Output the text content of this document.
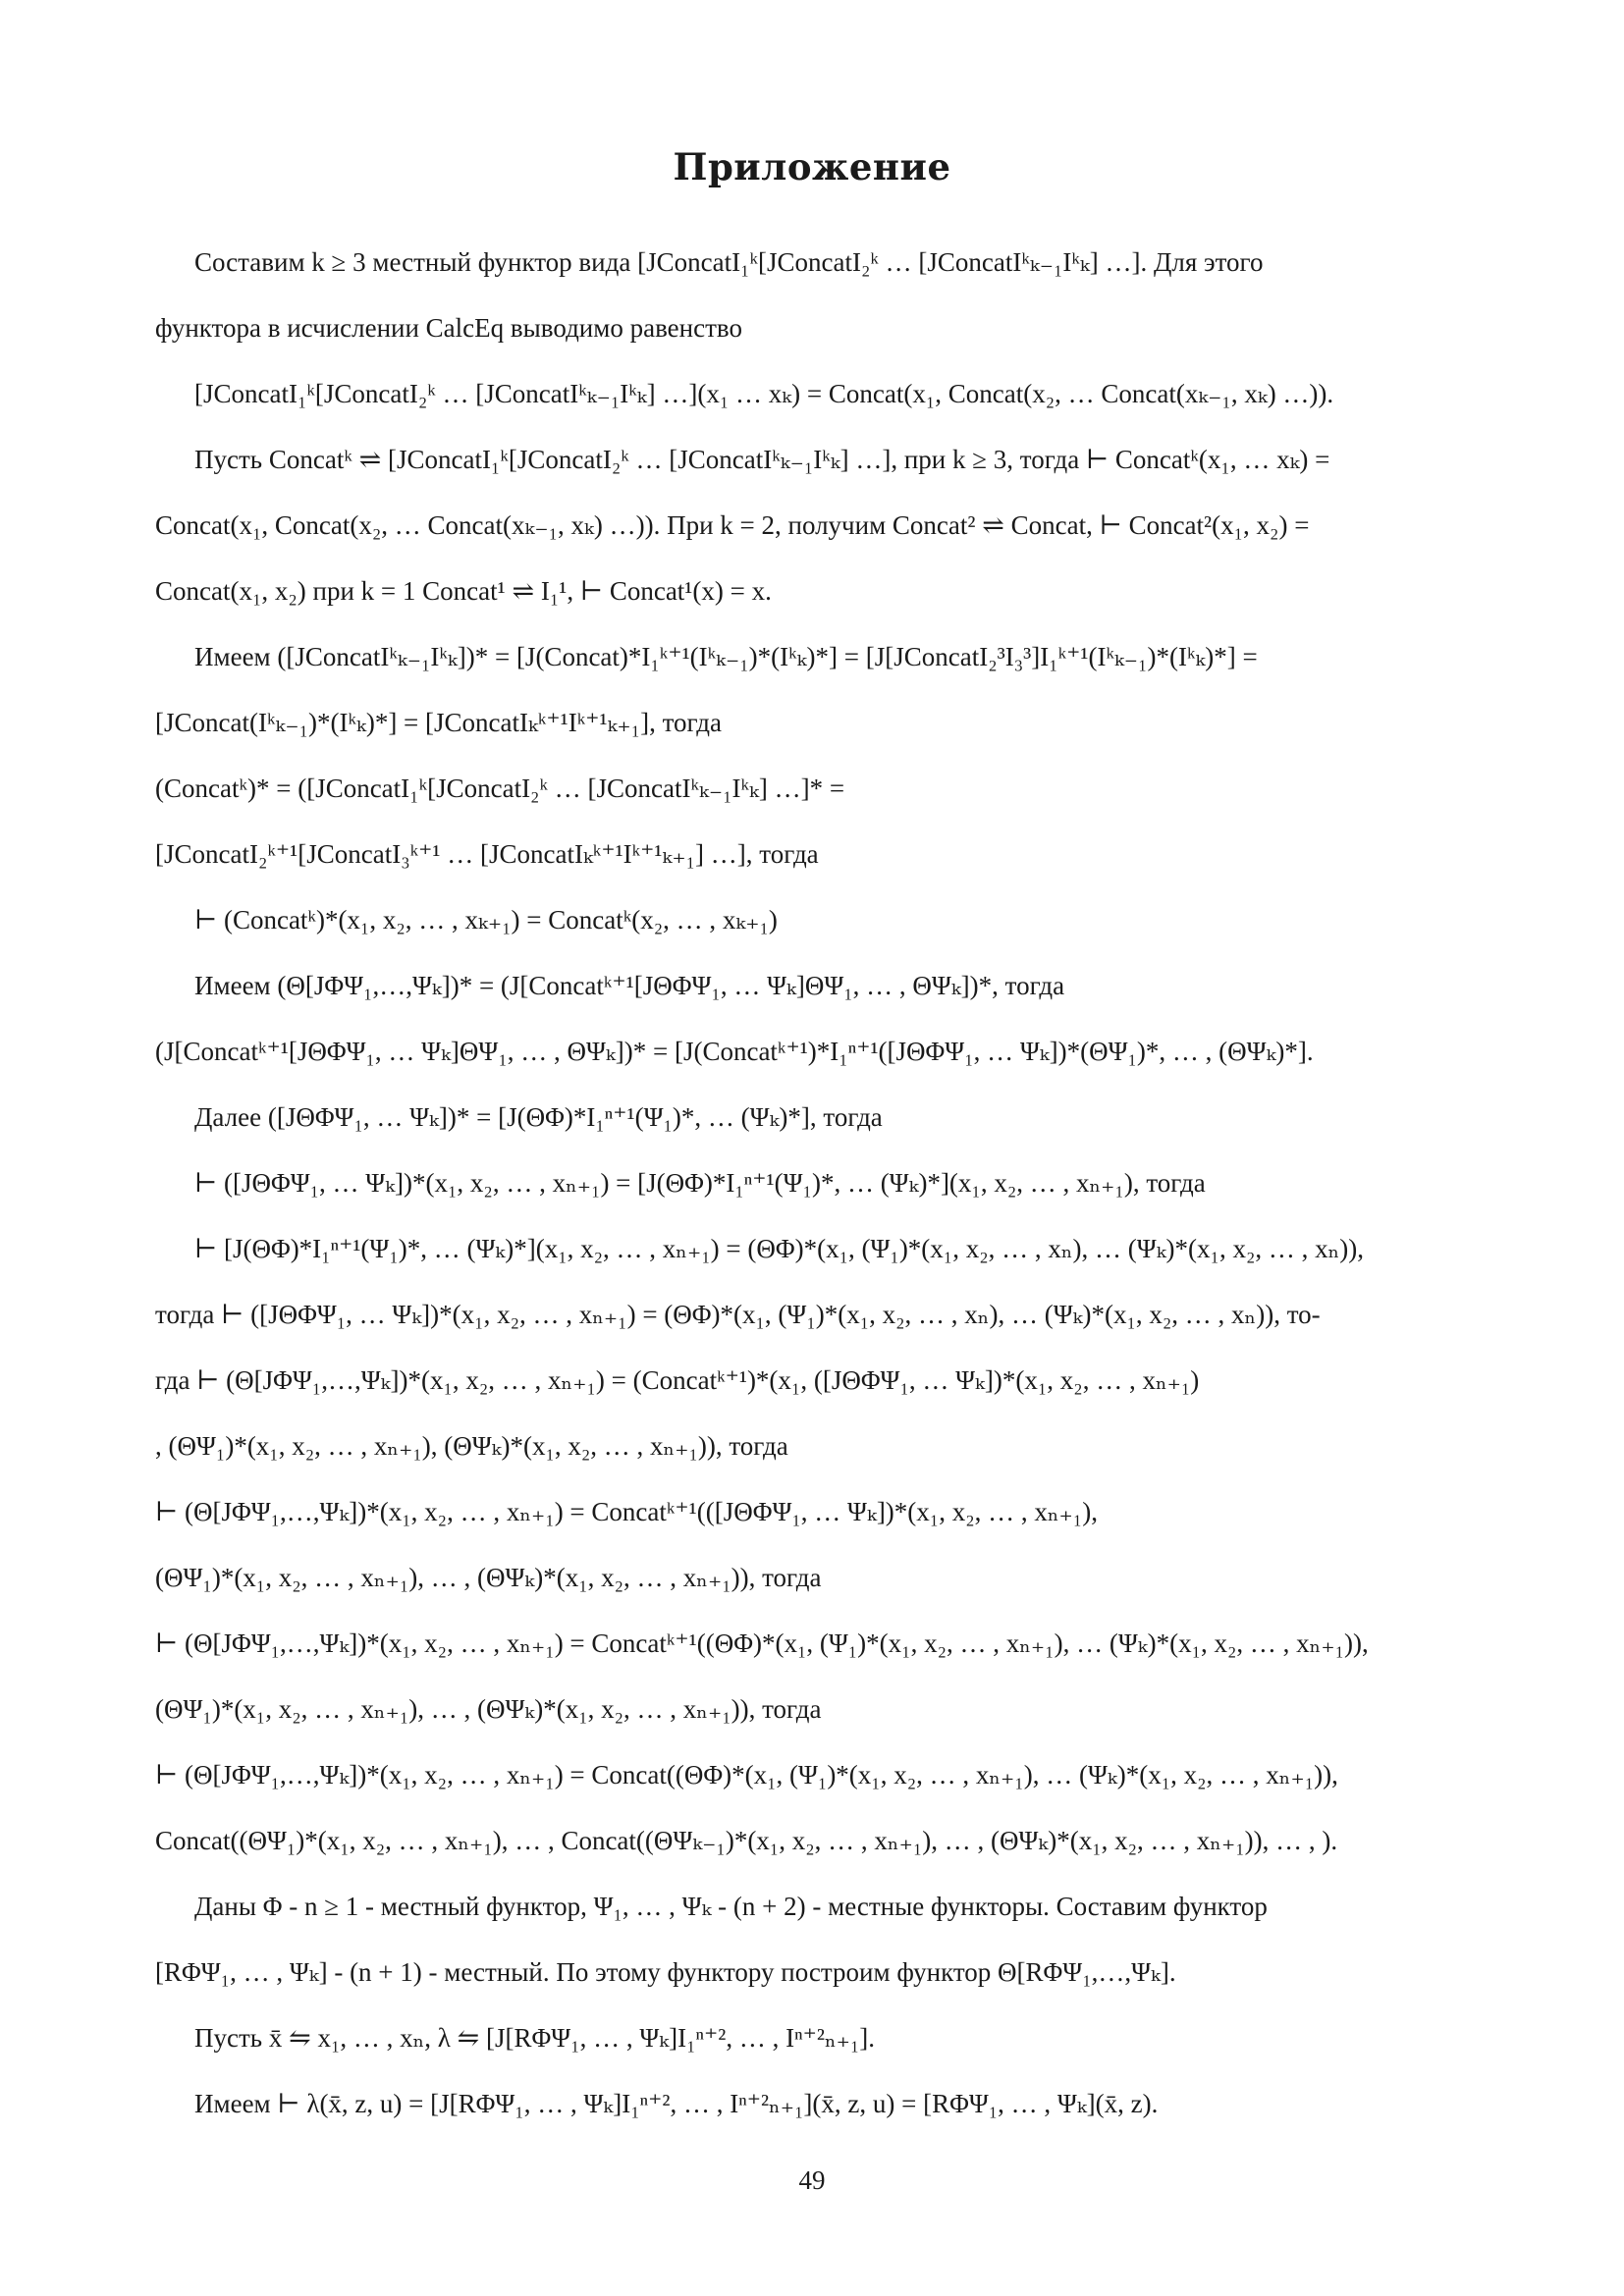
Приложение
Составим k ≥ 3 местный функтор вида [JConcatI₁ᵏ[JConcatI₂ᵏ … [JConcatIᵏₖ₋₁Iᵏₖ] …]. Для этого
функтора в исчислении CalcEq выводимо равенство
[JConcatI₁ᵏ[JConcatI₂ᵏ … [JConcatIᵏₖ₋₁Iᵏₖ] …](x₁ … xₖ) = Concat(x₁, Concat(x₂, … Concat(xₖ₋₁, xₖ) …)).
Пусть Concatᵏ ⇌ [JConcatI₁ᵏ[JConcatI₂ᵏ … [JConcatIᵏₖ₋₁Iᵏₖ] …], при k ≥ 3, тогда ⊢ Concatᵏ(x₁, … xₖ) =
Concat(x₁, Concat(x₂, … Concat(xₖ₋₁, xₖ) …)). При k = 2, получим Concat² ⇌ Concat, ⊢ Concat²(x₁, x₂) =
Concat(x₁, x₂) при k = 1 Concat¹ ⇌ I₁¹, ⊢ Concat¹(x) = x.
Имеем ([JConcatIᵏₖ₋₁Iᵏₖ])* = [J(Concat)*I₁ᵏ⁺¹(Iᵏₖ₋₁)*(Iᵏₖ)*] = [J[JConcatI₂³I₃³]I₁ᵏ⁺¹(Iᵏₖ₋₁)*(Iᵏₖ)*] =
[JConcat(Iᵏₖ₋₁)*(Iᵏₖ)*] = [JConcatIₖᵏ⁺¹Iᵏ⁺¹ₖ₊₁], тогда
(Concatᵏ)* = ([JConcatI₁ᵏ[JConcatI₂ᵏ … [JConcatIᵏₖ₋₁Iᵏₖ] …]* =
[JConcatI₂ᵏ⁺¹[JConcatI₃ᵏ⁺¹ … [JConcatIₖᵏ⁺¹Iᵏ⁺¹ₖ₊₁] …], тогда
⊢ (Concatᵏ)*(x₁, x₂, … , xₖ₊₁) = Concatᵏ(x₂, … , xₖ₊₁)
Имеем (Θ[JΦΨ₁,…,Ψₖ])* = (J[Concatᵏ⁺¹[JΘΦΨ₁, … Ψₖ]ΘΨ₁, … , ΘΨₖ])*, тогда
(J[Concatᵏ⁺¹[JΘΦΨ₁, … Ψₖ]ΘΨ₁, … , ΘΨₖ])* = [J(Concatᵏ⁺¹)*I₁ⁿ⁺¹([JΘΦΨ₁, … Ψₖ])*(ΘΨ₁)*, … , (ΘΨₖ)*].
Далее ([JΘΦΨ₁, … Ψₖ])* = [J(ΘΦ)*I₁ⁿ⁺¹(Ψ₁)*, … (Ψₖ)*], тогда
⊢ ([JΘΦΨ₁, … Ψₖ])*(x₁, x₂, … , xₙ₊₁) = [J(ΘΦ)*I₁ⁿ⁺¹(Ψ₁)*, … (Ψₖ)*](x₁, x₂, … , xₙ₊₁), тогда
⊢ [J(ΘΦ)*I₁ⁿ⁺¹(Ψ₁)*, … (Ψₖ)*](x₁, x₂, … , xₙ₊₁) = (ΘΦ)*(x₁, (Ψ₁)*(x₁, x₂, … , xₙ), … (Ψₖ)*(x₁, x₂, … , xₙ)),
тогда ⊢ ([JΘΦΨ₁, … Ψₖ])*(x₁, x₂, … , xₙ₊₁) = (ΘΦ)*(x₁, (Ψ₁)*(x₁, x₂, … , xₙ), … (Ψₖ)*(x₁, x₂, … , xₙ)), то-
гда ⊢ (Θ[JΦΨ₁,…,Ψₖ])*(x₁, x₂, … , xₙ₊₁) = (Concatᵏ⁺¹)*(x₁, ([JΘΦΨ₁, … Ψₖ])*(x₁, x₂, … , xₙ₊₁)
, (ΘΨ₁)*(x₁, x₂, … , xₙ₊₁), (ΘΨₖ)*(x₁, x₂, … , xₙ₊₁)), тогда
⊢ (Θ[JΦΨ₁,…,Ψₖ])*(x₁, x₂, … , xₙ₊₁) = Concatᵏ⁺¹(([JΘΦΨ₁, … Ψₖ])*(x₁, x₂, … , xₙ₊₁),
(ΘΨ₁)*(x₁, x₂, … , xₙ₊₁), … , (ΘΨₖ)*(x₁, x₂, … , xₙ₊₁)), тогда
⊢ (Θ[JΦΨ₁,…,Ψₖ])*(x₁, x₂, … , xₙ₊₁) = Concatᵏ⁺¹((ΘΦ)*(x₁, (Ψ₁)*(x₁, x₂, … , xₙ₊₁), … (Ψₖ)*(x₁, x₂, … , xₙ₊₁)),
(ΘΨ₁)*(x₁, x₂, … , xₙ₊₁), … , (ΘΨₖ)*(x₁, x₂, … , xₙ₊₁)), тогда
⊢ (Θ[JΦΨ₁,…,Ψₖ])*(x₁, x₂, … , xₙ₊₁) = Concat((ΘΦ)*(x₁, (Ψ₁)*(x₁, x₂, … , xₙ₊₁), … (Ψₖ)*(x₁, x₂, … , xₙ₊₁)),
Concat((ΘΨ₁)*(x₁, x₂, … , xₙ₊₁), … , Concat((ΘΨₖ₋₁)*(x₁, x₂, … , xₙ₊₁), … , (ΘΨₖ)*(x₁, x₂, … , xₙ₊₁)), … , ).
Даны Φ - n ≥ 1 - местный функтор, Ψ₁, … , Ψₖ - (n + 2) - местные функторы. Составим функтор
[RΦΨ₁, … , Ψₖ] - (n + 1) - местный. По этому функтору построим функтор Θ[RΦΨ₁,…,Ψₖ].
Пусть x̄ ⇋ x₁, … , xₙ, λ ⇋ [J[RΦΨ₁, … , Ψₖ]I₁ⁿ⁺², … , Iⁿ⁺²ₙ₊₁].
Имеем ⊢ λ(x̄, z, u) = [J[RΦΨ₁, … , Ψₖ]I₁ⁿ⁺², … , Iⁿ⁺²ₙ₊₁](x̄, z, u) = [RΦΨ₁, … , Ψₖ](x̄, z).
49
